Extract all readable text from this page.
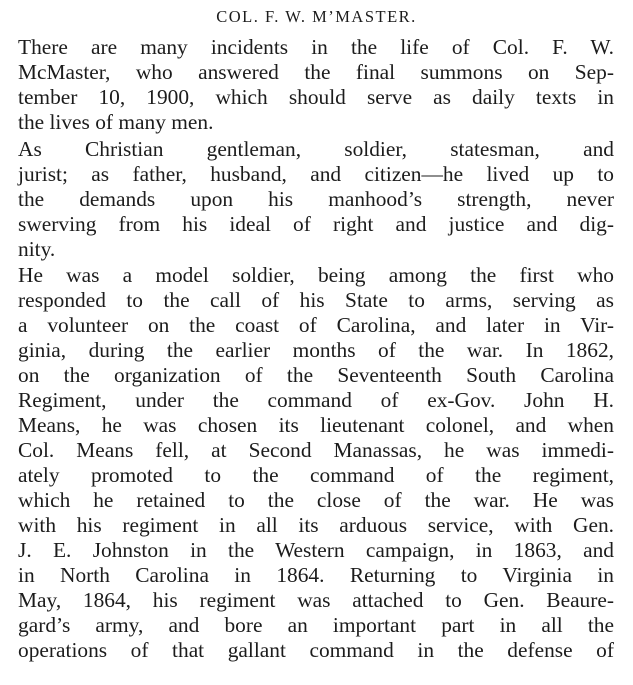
COL. F. W. M’MASTER.
There are many incidents in the life of Col. F. W.
McMaster, who answered the final summons on Sep-
tember 10, 1900, which should serve as daily texts in
the lives of many men.
As Christian gentleman, soldier, statesman, and
jurist; as father, husband, and citizen—he lived up to
the demands upon his manhood’s strength, never
swerving from his ideal of right and justice and dig-
nity.
He was a model soldier, being among the first who
responded to the call of his State to arms, serving as
a volunteer on the coast of Carolina, and later in Vir-
ginia, during the earlier months of the war. In 1862,
on the organization of the Seventeenth South Carolina
Regiment, under the command of ex-Gov. John H.
Means, he was chosen its lieutenant colonel, and when
Col. Means fell, at Second Manassas, he was immedi-
ately promoted to the command of the regiment,
which he retained to the close of the war. He was
with his regiment in all its arduous service, with Gen.
J. E. Johnston in the Western campaign, in 1863, and
in North Carolina in 1864. Returning to Virginia in
May, 1864, his regiment was attached to Gen. Beaure-
gard’s army, and bore an important part in all the
operations of that gallant command in the defense of
